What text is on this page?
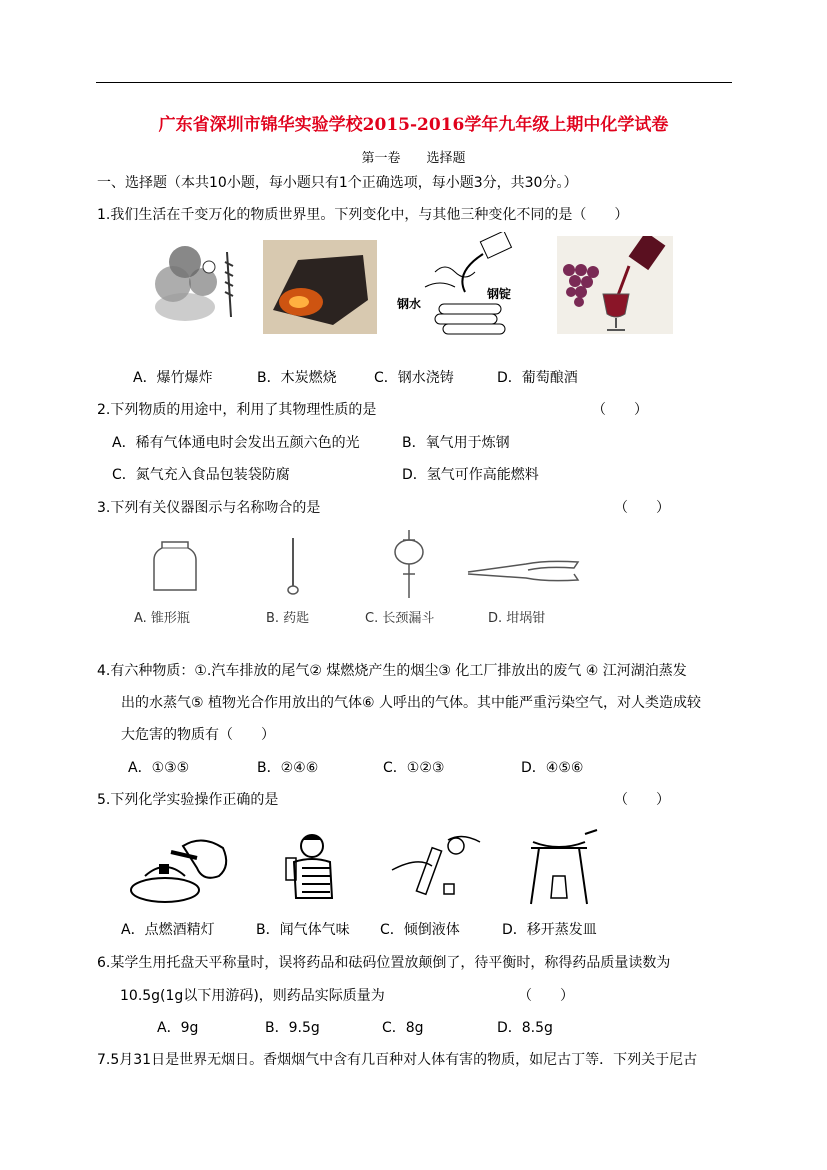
广东省深圳市锦华实验学校2015-2016学年九年级上期中化学试卷
第一卷　　选择题
一、选择题（本共10小题，每小题只有1个正确选项，每小题3分，共30分。）
1.我们生活在千变万化的物质世界里。下列变化中，与其他三种变化不同的是（　　）
钢水
钢锭
A．爆竹爆炸	B．木炭燃烧	C．钢水浇铸	D．葡萄酿酒
2.下列物质的用途中，利用了其物理性质的是	（　　）
A．稀有气体通电时会发出五颜六色的光	B．氧气用于炼钢
C．氮气充入食品包装袋防腐	D．氢气可作高能燃料
3.下列有关仪器图示与名称吻合的是	（　　）
A. 锥形瓶	B. 药匙	C. 长颈漏斗	D. 坩埚钳
4.有六种物质：①.汽车排放的尾气② 煤燃烧产生的烟尘③ 化工厂排放出的废气 ④ 江河湖泊蒸发
出的水蒸气⑤ 植物光合作用放出的气体⑥ 人呼出的气体。其中能严重污染空气，对人类造成较
大危害的物质有（　　）
A．①③⑤	B．②④⑥	C．①②③	D．④⑤⑥
5.下列化学实验操作正确的是	（　　）
A．点燃酒精灯	B．闻气体气味 C．倾倒液体	D．移开蒸发皿
6.某学生用托盘天平称量时，误将药品和砝码位置放颠倒了，待平衡时，称得药品质量读数为
10.5g(1g以下用游码)，则药品实际质量为	（　　）
A．9g	B．9.5g	C．8g	D．8.5g
7.5月31日是世界无烟日。香烟烟气中含有几百种对人体有害的物质，如尼古丁等．下列关于尼古
